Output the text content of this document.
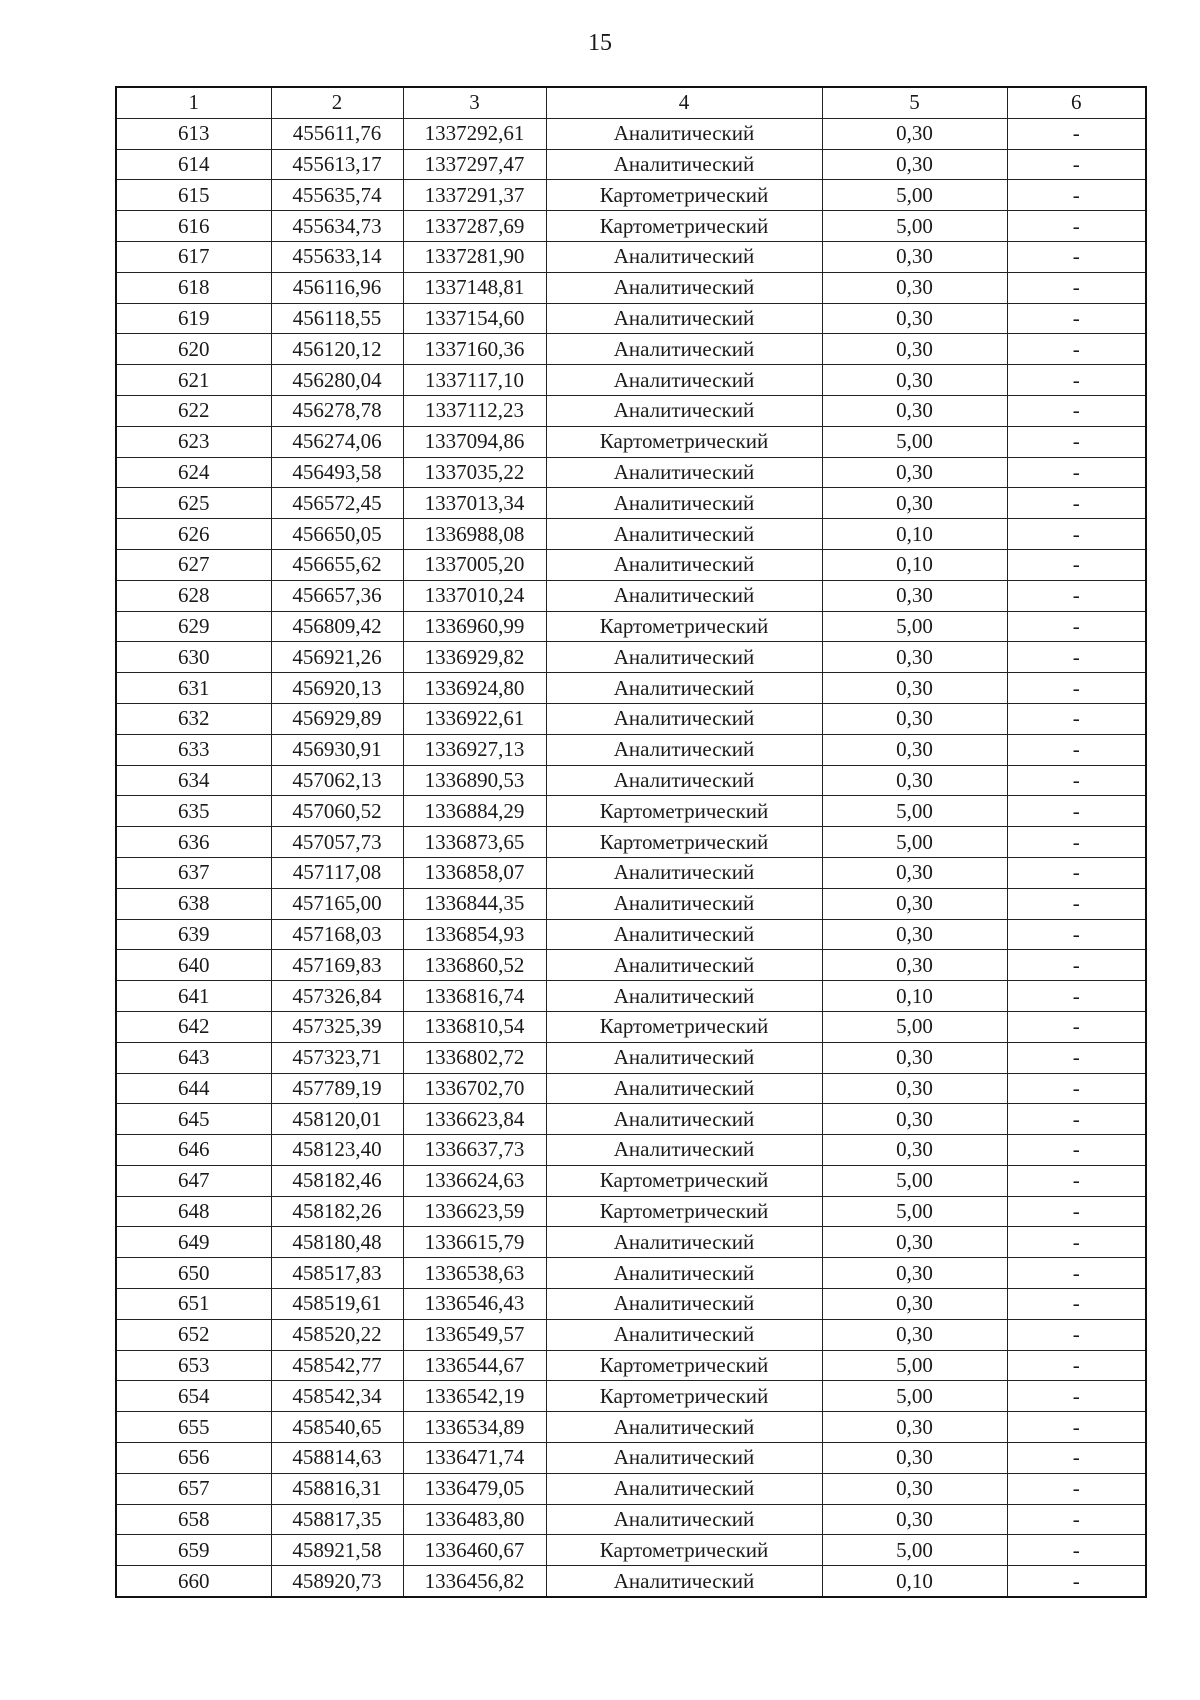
15
1	2	3	4	5	6
613	455611,76	1337292,61	Аналитический	0,30	-
614	455613,17	1337297,47	Аналитический	0,30	-
615	455635,74	1337291,37	Картометрический	5,00	-
616	455634,73	1337287,69	Картометрический	5,00	-
617	455633,14	1337281,90	Аналитический	0,30	-
618	456116,96	1337148,81	Аналитический	0,30	-
619	456118,55	1337154,60	Аналитический	0,30	-
620	456120,12	1337160,36	Аналитический	0,30	-
621	456280,04	1337117,10	Аналитический	0,30	-
622	456278,78	1337112,23	Аналитический	0,30	-
623	456274,06	1337094,86	Картометрический	5,00	-
624	456493,58	1337035,22	Аналитический	0,30	-
625	456572,45	1337013,34	Аналитический	0,30	-
626	456650,05	1336988,08	Аналитический	0,10	-
627	456655,62	1337005,20	Аналитический	0,10	-
628	456657,36	1337010,24	Аналитический	0,30	-
629	456809,42	1336960,99	Картометрический	5,00	-
630	456921,26	1336929,82	Аналитический	0,30	-
631	456920,13	1336924,80	Аналитический	0,30	-
632	456929,89	1336922,61	Аналитический	0,30	-
633	456930,91	1336927,13	Аналитический	0,30	-
634	457062,13	1336890,53	Аналитический	0,30	-
635	457060,52	1336884,29	Картометрический	5,00	-
636	457057,73	1336873,65	Картометрический	5,00	-
637	457117,08	1336858,07	Аналитический	0,30	-
638	457165,00	1336844,35	Аналитический	0,30	-
639	457168,03	1336854,93	Аналитический	0,30	-
640	457169,83	1336860,52	Аналитический	0,30	-
641	457326,84	1336816,74	Аналитический	0,10	-
642	457325,39	1336810,54	Картометрический	5,00	-
643	457323,71	1336802,72	Аналитический	0,30	-
644	457789,19	1336702,70	Аналитический	0,30	-
645	458120,01	1336623,84	Аналитический	0,30	-
646	458123,40	1336637,73	Аналитический	0,30	-
647	458182,46	1336624,63	Картометрический	5,00	-
648	458182,26	1336623,59	Картометрический	5,00	-
649	458180,48	1336615,79	Аналитический	0,30	-
650	458517,83	1336538,63	Аналитический	0,30	-
651	458519,61	1336546,43	Аналитический	0,30	-
652	458520,22	1336549,57	Аналитический	0,30	-
653	458542,77	1336544,67	Картометрический	5,00	-
654	458542,34	1336542,19	Картометрический	5,00	-
655	458540,65	1336534,89	Аналитический	0,30	-
656	458814,63	1336471,74	Аналитический	0,30	-
657	458816,31	1336479,05	Аналитический	0,30	-
658	458817,35	1336483,80	Аналитический	0,30	-
659	458921,58	1336460,67	Картометрический	5,00	-
660	458920,73	1336456,82	Аналитический	0,10	-
